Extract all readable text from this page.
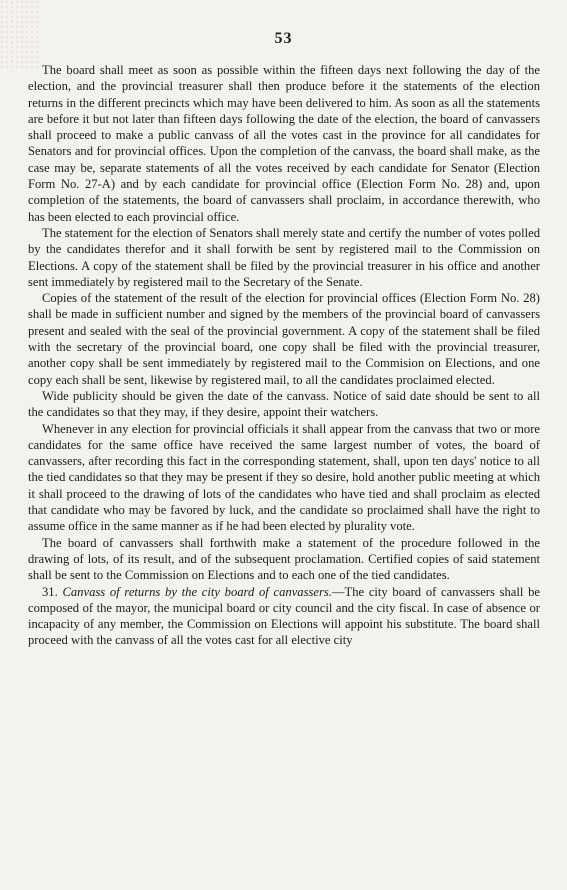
53

The board shall meet as soon as possible within the fifteen days next following the day of the election, and the provincial treasurer shall then produce before it the statements of the election returns in the different precincts which may have been delivered to him. As soon as all the statements are before it but not later than fifteen days following the date of the election, the board of canvassers shall proceed to make a public canvass of all the votes cast in the province for all candidates for Senators and for provincial offices. Upon the completion of the canvass, the board shall make, as the case may be, separate statements of all the votes received by each candidate for Senator (Election Form No. 27-A) and by each candidate for provincial office (Election Form No. 28) and, upon completion of the statements, the board of canvassers shall proclaim, in accordance therewith, who has been elected to each provincial office.

The statement for the election of Senators shall merely state and certify the number of votes polled by the candidates therefor and it shall forwith be sent by registered mail to the Commission on Elections. A copy of the statement shall be filed by the provincial treasurer in his office and another sent immediately by registered mail to the Secretary of the Senate.

Copies of the statement of the result of the election for provincial offices (Election Form No. 28) shall be made in sufficient number and signed by the members of the provincial board of canvassers present and sealed with the seal of the provincial government. A copy of the statement shall be filed with the secretary of the provincial board, one copy shall be filed with the provincial treasurer, another copy shall be sent immediately by registered mail to the Commision on Elections, and one copy each shall be sent, likewise by registered mail, to all the candidates proclaimed elected.

Wide publicity should be given the date of the canvass. Notice of said date should be sent to all the candidates so that they may, if they desire, appoint their watchers.

Whenever in any election for provincial officials it shall appear from the canvass that two or more candidates for the same office have received the same largest number of votes, the board of canvassers, after recording this fact in the corresponding statement, shall, upon ten days' notice to all the tied candidates so that they may be present if they so desire, hold another public meeting at which it shall proceed to the drawing of lots of the candidates who have tied and shall proclaim as elected that candidate who may be favored by luck, and the candidate so proclaimed shall have the right to assume office in the same manner as if he had been elected by plurality vote.

The board of canvassers shall forthwith make a statement of the procedure followed in the drawing of lots, of its result, and of the subsequent proclamation. Certified copies of said statement shall be sent to the Commission on Elections and to each one of the tied candidates.

31. Canvass of returns by the city board of canvassers.—The city board of canvassers shall be composed of the mayor, the municipal board or city council and the city fiscal. In case of absence or incapacity of any member, the Commission on Elections will appoint his substitute. The board shall proceed with the canvass of all the votes cast for all elective city
